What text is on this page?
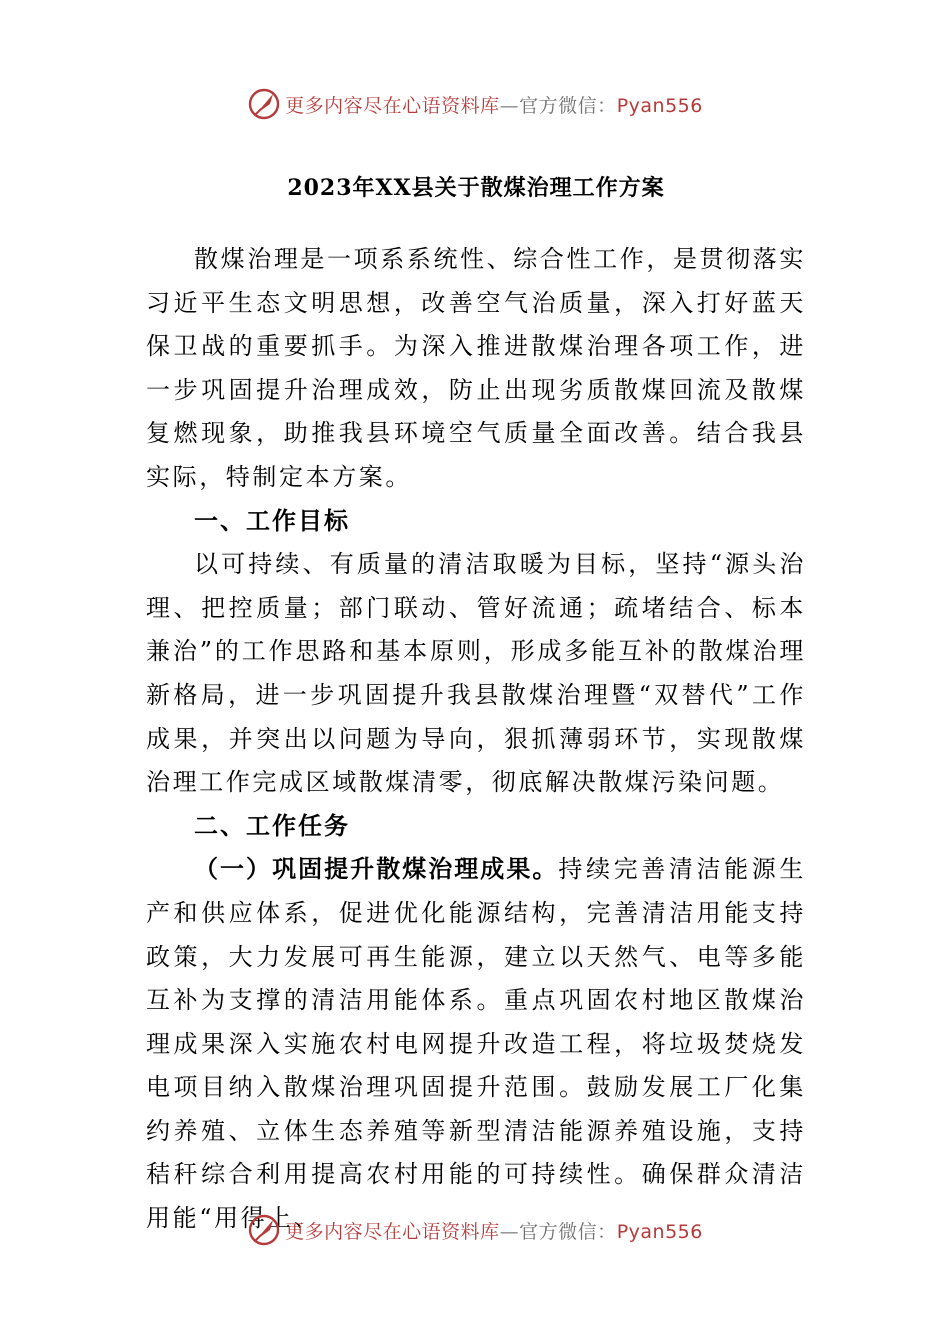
更多内容尽在心语资料库—官方微信：Pyan556
2023年XX县关于散煤治理工作方案

散煤治理是一项系系统性、综合性工作，是贯彻落实习近平生态文明思想，改善空气治质量，深入打好蓝天保卫战的重要抓手。为深入推进散煤治理各项工作，进一步巩固提升治理成效，防止出现劣质散煤回流及散煤复燃现象，助推我县环境空气质量全面改善。结合我县实际，特制定本方案。

一、工作目标

以可持续、有质量的清洁取暖为目标，坚持“源头治理、把控质量；部门联动、管好流通；疏堵结合、标本兼治”的工作思路和基本原则，形成多能互补的散煤治理新格局，进一步巩固提升我县散煤治理暨“双替代”工作成果，并突出以问题为导向，狠抓薄弱环节，实现散煤治理工作完成区域散煤清零，彻底解决散煤污染问题。

二、工作任务

（一）巩固提升散煤治理成果。持续完善清洁能源生产和供应体系，促进优化能源结构，完善清洁用能支持政策，大力发展可再生能源，建立以天然气、电等多能互补为支撑的清洁用能体系。重点巩固农村地区散煤治理成果深入实施农村电网提升改造工程，将垃圾焚烧发电项目纳入散煤治理巩固提升范围。鼓励发展工厂化集约养殖、立体生态养殖等新型清洁能源养殖设施，支持秸秆综合利用提高农村用能的可持续性。确保群众清洁用能“用得上、

更多内容尽在心语资料库—官方微信：Pyan556
